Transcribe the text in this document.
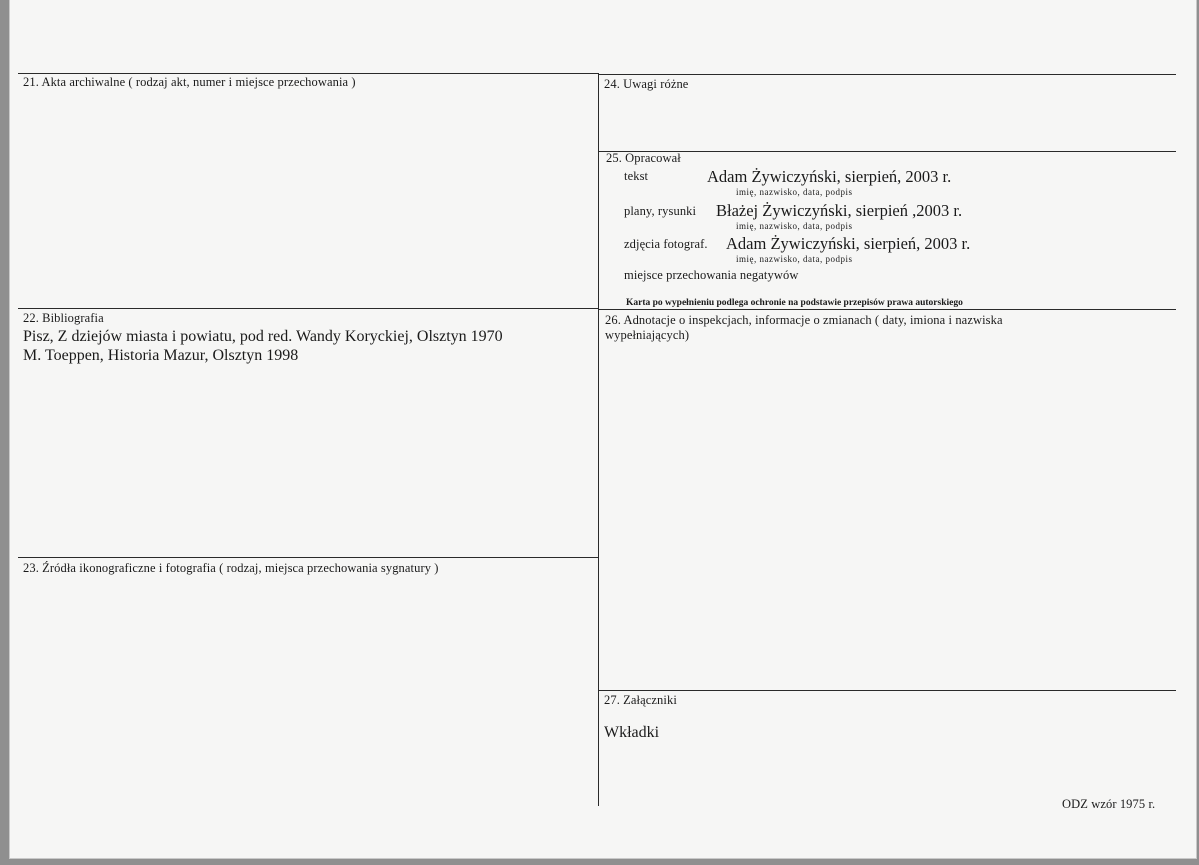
21. Akta archiwalne ( rodzaj akt, numer i miejsce przechowania )
22. Bibliografia
Pisz, Z dziejów miasta i powiatu, pod red. Wandy Koryckiej, Olsztyn 1970
M. Toeppen, Historia Mazur, Olsztyn 1998
23. Źródła ikonograficzne i fotografia ( rodzaj, miejsca przechowania sygnatury )
24. Uwagi różne
25. Opracował
tekst	Adam Żywiczyński, sierpień, 2003 r.
imię, nazwisko, data, podpis
plany, rysunki Błażej Żywiczyński, sierpień ,2003 r.
imię, nazwisko, data, podpis
zdjęcia fotograf. Adam Żywiczyński, sierpień, 2003 r.
imię, nazwisko, data, podpis
miejsce przechowania negatywów
Karta po wypełnieniu podlega ochronie na podstawie przepisów prawa autorskiego
26. Adnotacje o inspekcjach, informacje o zmianach ( daty, imiona i nazwiska
wypełniających)
27. Załączniki
Wkładki
ODZ wzór 1975 r.
